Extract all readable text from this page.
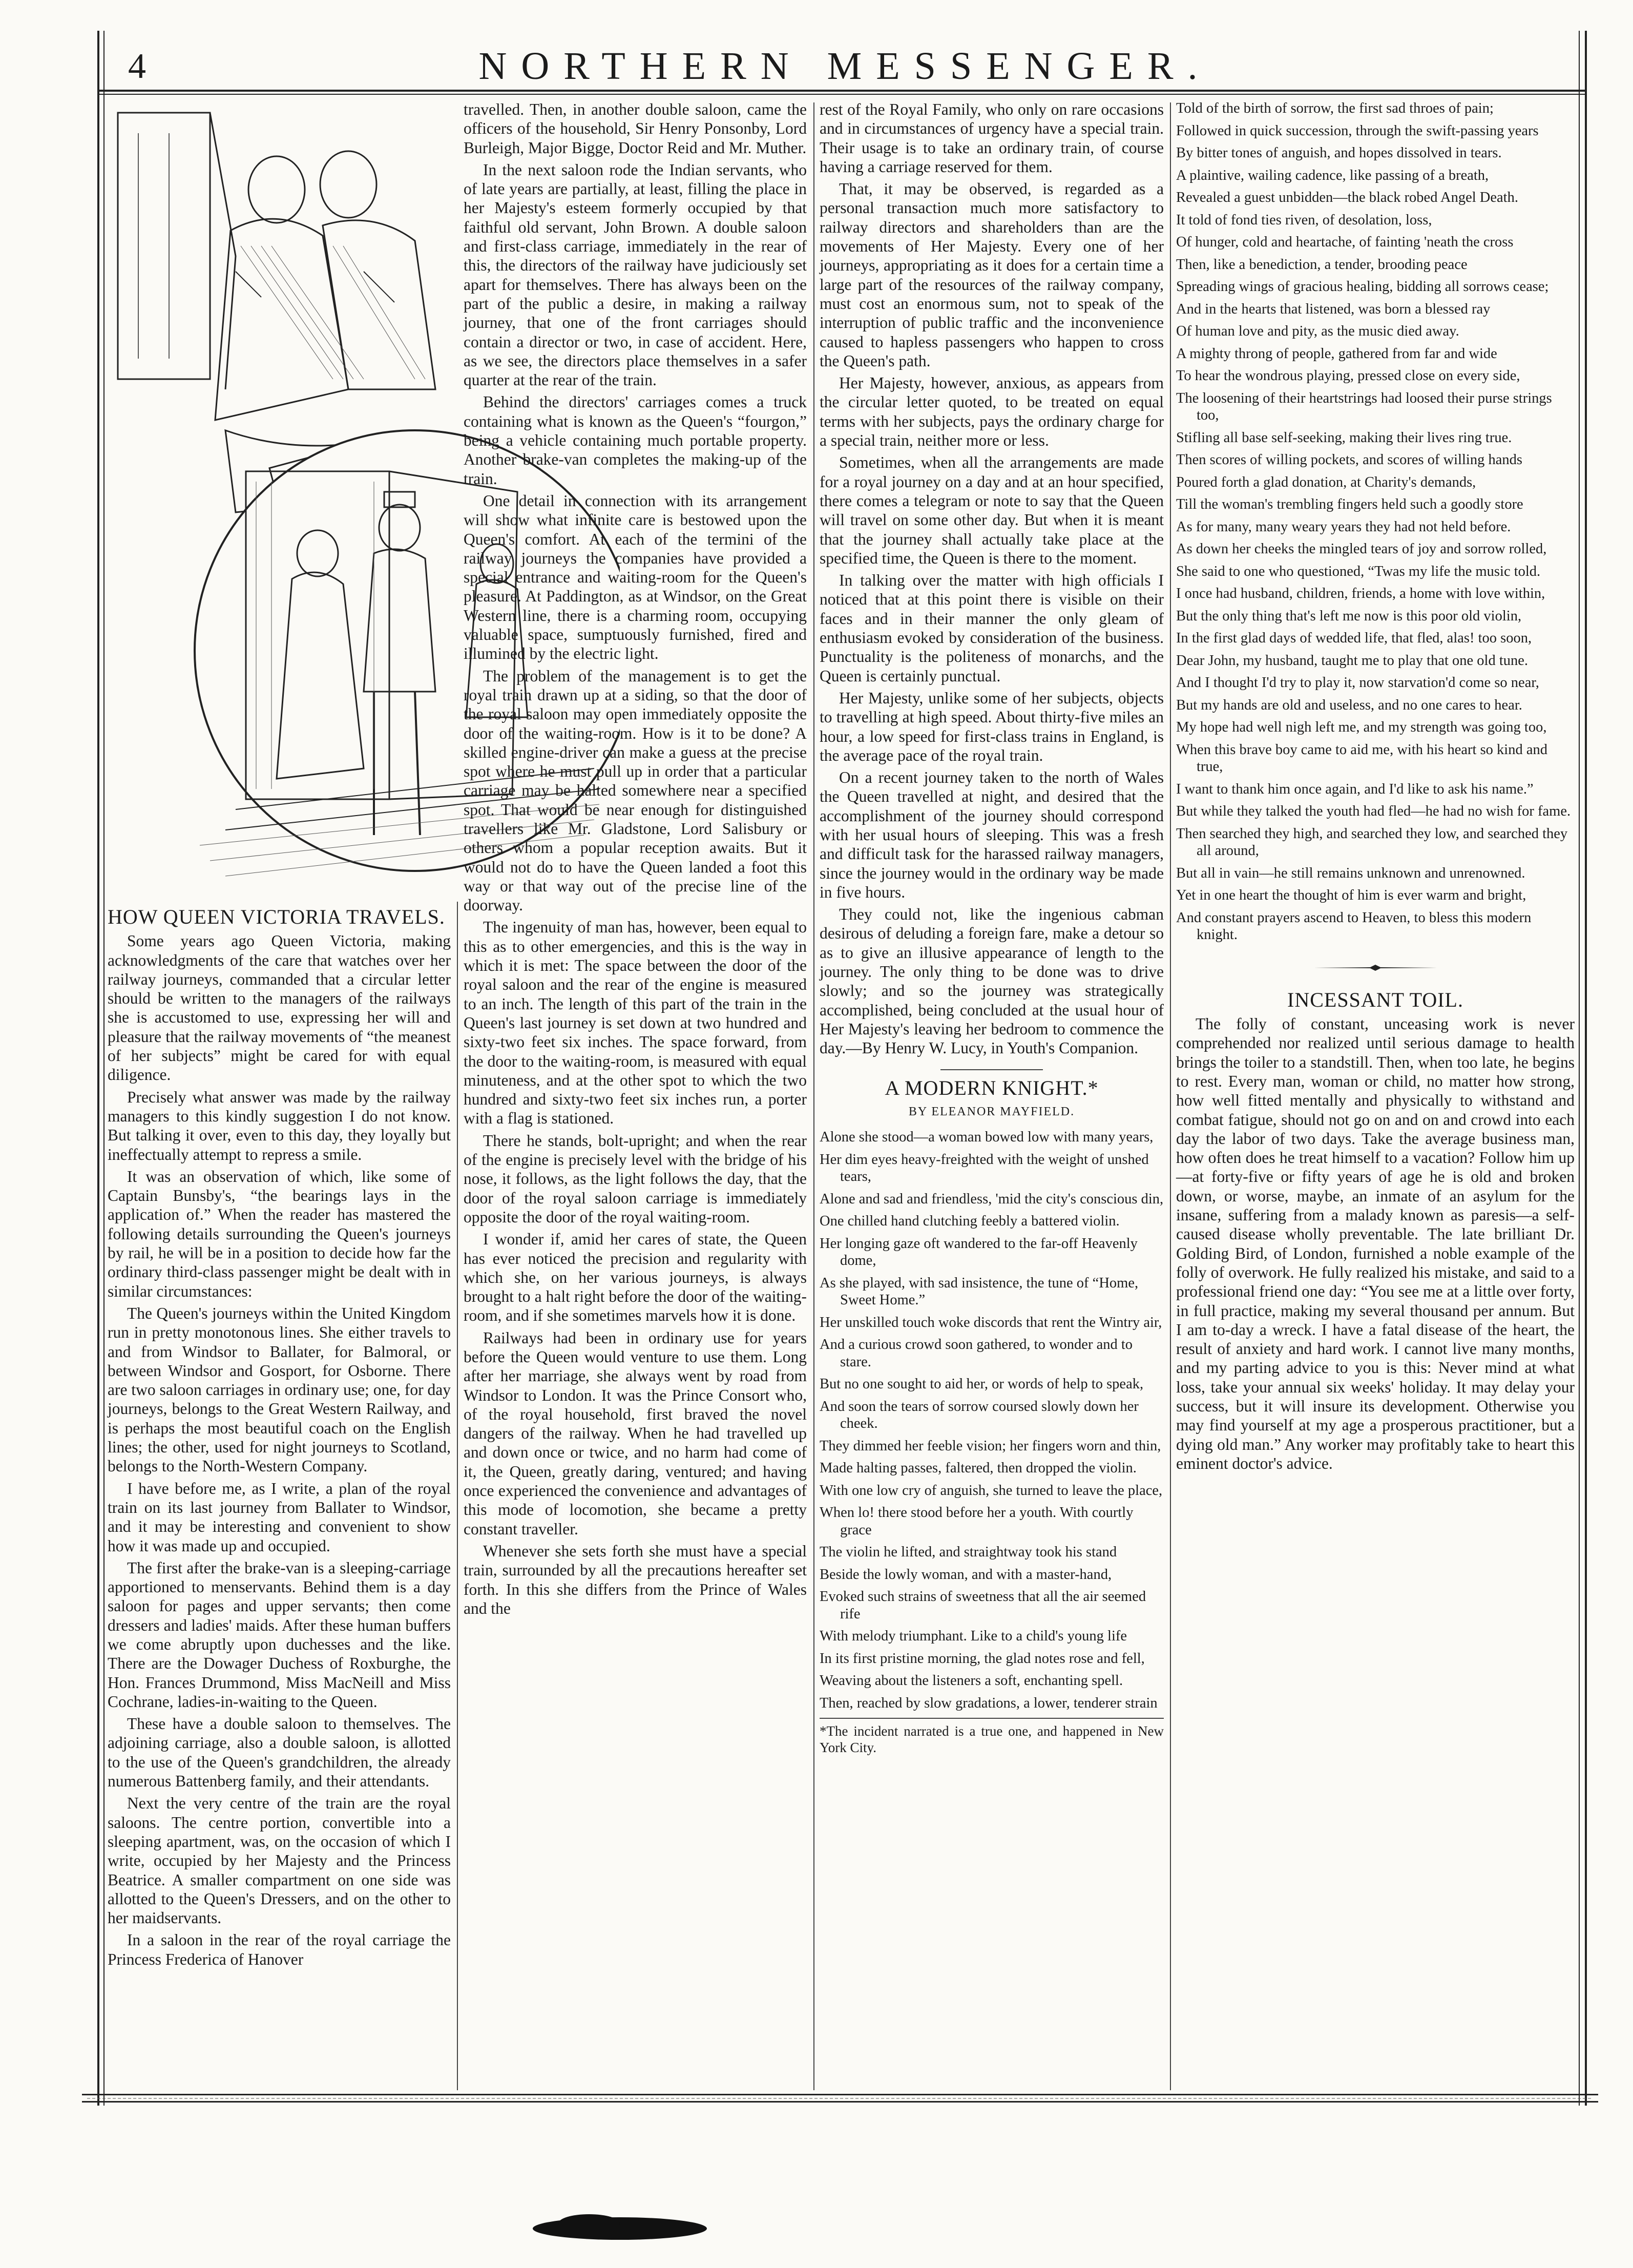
4	NORTHERN MESSENGER.
HOW QUEEN VICTORIA TRAVELS.

Some years ago Queen Victoria, making acknowledgments of the care that watches over her railway journeys, commanded that a circular letter should be written to the managers of the railways she is accustomed to use, expressing her will and pleasure that the railway movements of “the meanest of her subjects” might be cared for with equal diligence.

Precisely what answer was made by the railway managers to this kindly suggestion I do not know. But talking it over, even to this day, they loyally but ineffectually attempt to repress a smile.

It was an observation of which, like some of Captain Bunsby's, “the bearings lays in the application of.” When the reader has mastered the following details surrounding the Queen's journeys by rail, he will be in a position to decide how far the ordinary third-class passenger might be dealt with in similar circumstances:

The Queen's journeys within the United Kingdom run in pretty monotonous lines. She either travels to and from Windsor to Ballater, for Balmoral, or between Windsor and Gosport, for Osborne. There are two saloon carriages in ordinary use; one, for day journeys, belongs to the Great Western Railway, and is perhaps the most beautiful coach on the English lines; the other, used for night journeys to Scotland, belongs to the North-Western Company.

I have before me, as I write, a plan of the royal train on its last journey from Ballater to Windsor, and it may be interesting and convenient to show how it was made up and occupied.

The first after the brake-van is a sleeping-carriage apportioned to menservants. Behind them is a day saloon for pages and upper servants; then come dressers and ladies' maids. After these human buffers we come abruptly upon duchesses and the like. There are the Dowager Duchess of Roxburghe, the Hon. Frances Drummond, Miss MacNeill and Miss Cochrane, ladies-in-waiting to the Queen.

These have a double saloon to themselves. The adjoining carriage, also a double saloon, is allotted to the use of the Queen's grandchildren, the already numerous Battenberg family, and their attendants.

Next the very centre of the train are the royal saloons. The centre portion, convertible into a sleeping apartment, was, on the occasion of which I write, occupied by her Majesty and the Princess Beatrice. A smaller compartment on one side was allotted to the Queen's Dressers, and on the other to her maidservants.

In a saloon in the rear of the royal carriage the Princess Frederica of Hanover

travelled. Then, in another double saloon, came the officers of the household, Sir Henry Ponsonby, Lord Burleigh, Major Bigge, Doctor Reid and Mr. Muther.

In the next saloon rode the Indian servants, who of late years are partially, at least, filling the place in her Majesty's esteem formerly occupied by that faithful old servant, John Brown. A double saloon and first-class carriage, immediately in the rear of this, the directors of the railway have judiciously set apart for themselves. There has always been on the part of the public a desire, in making a railway journey, that one of the front carriages should contain a director or two, in case of accident. Here, as we see, the directors place themselves in a safer quarter at the rear of the train.

Behind the directors' carriages comes a truck containing what is known as the Queen's “fourgon,” being a vehicle containing much portable property. Another brake-van completes the making-up of the train.

One detail in connection with its arrangement will show what infinite care is bestowed upon the Queen's comfort. At each of the termini of the railway journeys the companies have provided a special entrance and waiting-room for the Queen's pleasure. At Paddington, as at Windsor, on the Great Western line, there is a charming room, occupying valuable space, sumptuously furnished, fired and illumined by the electric light.

The problem of the management is to get the royal train drawn up at a siding, so that the door of the royal saloon may open immediately opposite the door of the waiting-room. How is it to be done? A skilled engine-driver can make a guess at the precise spot where he must pull up in order that a particular carriage may be halted somewhere near a specified spot. That would be near enough for distinguished travellers like Mr. Gladstone, Lord Salisbury or others whom a popular reception awaits. But it would not do to have the Queen landed a foot this way or that way out of the precise line of the doorway.

The ingenuity of man has, however, been equal to this as to other emergencies, and this is the way in which it is met: The space between the door of the royal saloon and the rear of the engine is measured to an inch. The length of this part of the train in the Queen's last journey is set down at two hundred and sixty-two feet six inches. The space forward, from the door to the waiting-room, is measured with equal minuteness, and at the other spot to which the two hundred and sixty-two feet six inches run, a porter with a flag is stationed.

There he stands, bolt-upright; and when the rear of the engine is precisely level with the bridge of his nose, it follows, as the light follows the day, that the door of the royal saloon carriage is immediately opposite the door of the royal waiting-room.

I wonder if, amid her cares of state, the Queen has ever noticed the precision and regularity with which she, on her various journeys, is always brought to a halt right before the door of the waiting-room, and if she sometimes marvels how it is done.

Railways had been in ordinary use for years before the Queen would venture to use them. Long after her marriage, she always went by road from Windsor to London. It was the Prince Consort who, of the royal household, first braved the novel dangers of the railway. When he had travelled up and down once or twice, and no harm had come of it, the Queen, greatly daring, ventured; and having once experienced the convenience and advantages of this mode of locomotion, she became a pretty constant traveller.

Whenever she sets forth she must have a special train, surrounded by all the precautions hereafter set forth. In this she differs from the Prince of Wales and the

rest of the Royal Family, who only on rare occasions and in circumstances of urgency have a special train. Their usage is to take an ordinary train, of course having a carriage reserved for them.

That, it may be observed, is regarded as a personal transaction much more satisfactory to railway directors and shareholders than are the movements of Her Majesty. Every one of her journeys, appropriating as it does for a certain time a large part of the resources of the railway company, must cost an enormous sum, not to speak of the interruption of public traffic and the inconvenience caused to hapless passengers who happen to cross the Queen's path.

Her Majesty, however, anxious, as appears from the circular letter quoted, to be treated on equal terms with her subjects, pays the ordinary charge for a special train, neither more or less.

Sometimes, when all the arrangements are made for a royal journey on a day and at an hour specified, there comes a telegram or note to say that the Queen will travel on some other day. But when it is meant that the journey shall actually take place at the specified time, the Queen is there to the moment.

In talking over the matter with high officials I noticed that at this point there is visible on their faces and in their manner the only gleam of enthusiasm evoked by consideration of the business. Punctuality is the politeness of monarchs, and the Queen is certainly punctual.

Her Majesty, unlike some of her subjects, objects to travelling at high speed. About thirty-five miles an hour, a low speed for first-class trains in England, is the average pace of the royal train.

On a recent journey taken to the north of Wales the Queen travelled at night, and desired that the accomplishment of the journey should correspond with her usual hours of sleeping. This was a fresh and difficult task for the harassed railway managers, since the journey would in the ordinary way be made in five hours.

They could not, like the ingenious cabman desirous of deluding a foreign fare, make a detour so as to give an illusive appearance of length to the journey. The only thing to be done was to drive slowly; and so the journey was strategically accomplished, being concluded at the usual hour of Her Majesty's leaving her bedroom to commence the day.—By Henry W. Lucy, in Youth's Companion.

A MODERN KNIGHT.*
BY ELEANOR MAYFIELD.
Alone she stood—a woman bowed low with many years,
Her dim eyes heavy-freighted with the weight of unshed tears,
Alone and sad and friendless, 'mid the city's conscious din,
One chilled hand clutching feebly a battered violin.
Her longing gaze oft wandered to the far-off Heavenly dome,
As she played, with sad insistence, the tune of “Home, Sweet Home.”
Her unskilled touch woke discords that rent the Wintry air,
And a curious crowd soon gathered, to wonder and to stare.
But no one sought to aid her, or words of help to speak,
And soon the tears of sorrow coursed slowly down her cheek.
They dimmed her feeble vision; her fingers worn and thin,
Made halting passes, faltered, then dropped the violin.
With one low cry of anguish, she turned to leave the place,
When lo! there stood before her a youth. With courtly grace
The violin he lifted, and straightway took his stand
Beside the lowly woman, and with a master-hand,
Evoked such strains of sweetness that all the air seemed rife
With melody triumphant. Like to a child's young life
In its first pristine morning, the glad notes rose and fell,
Weaving about the listeners a soft, enchanting spell.
Then, reached by slow gradations, a lower, tenderer strain
*The incident narrated is a true one, and happened in New York City.
Told of the birth of sorrow, the first sad throes of pain;
Followed in quick succession, through the swift-passing years
By bitter tones of anguish, and hopes dissolved in tears.
A plaintive, wailing cadence, like passing of a breath,
Revealed a guest unbidden—the black robed Angel Death.
It told of fond ties riven, of desolation, loss,
Of hunger, cold and heartache, of fainting 'neath the cross
Then, like a benediction, a tender, brooding peace
Spreading wings of gracious healing, bidding all sorrows cease;
And in the hearts that listened, was born a blessed ray
Of human love and pity, as the music died away.
A mighty throng of people, gathered from far and wide
To hear the wondrous playing, pressed close on every side,
The loosening of their heartstrings had loosed their purse strings too,
Stifling all base self-seeking, making their lives ring true.
Then scores of willing pockets, and scores of willing hands
Poured forth a glad donation, at Charity's demands,
Till the woman's trembling fingers held such a goodly store
As for many, many weary years they had not held before.
As down her cheeks the mingled tears of joy and sorrow rolled,
She said to one who questioned, “Twas my life the music told.
I once had husband, children, friends, a home with love within,
But the only thing that's left me now is this poor old violin,
In the first glad days of wedded life, that fled, alas! too soon,
Dear John, my husband, taught me to play that one old tune.
And I thought I'd try to play it, now starvation'd come so near,
But my hands are old and useless, and no one cares to hear.
My hope had well nigh left me, and my strength was going too,
When this brave boy came to aid me, with his heart so kind and true,
I want to thank him once again, and I'd like to ask his name.”
But while they talked the youth had fled—he had no wish for fame.
Then searched they high, and searched they low, and searched they all around,
But all in vain—he still remains unknown and unrenowned.
Yet in one heart the thought of him is ever warm and bright,
And constant prayers ascend to Heaven, to bless this modern knight.
INCESSANT TOIL.

The folly of constant, unceasing work is never comprehended nor realized until serious damage to health brings the toiler to a standstill. Then, when too late, he begins to rest. Every man, woman or child, no matter how strong, how well fitted mentally and physically to withstand and combat fatigue, should not go on and on and crowd into each day the labor of two days. Take the average business man, how often does he treat himself to a vacation? Follow him up—at forty-five or fifty years of age he is old and broken down, or worse, maybe, an inmate of an asylum for the insane, suffering from a malady known as paresis—a self-caused disease wholly preventable. The late brilliant Dr. Golding Bird, of London, furnished a noble example of the folly of overwork. He fully realized his mistake, and said to a professional friend one day: “You see me at a little over forty, in full practice, making my several thousand per annum. But I am to-day a wreck. I have a fatal disease of the heart, the result of anxiety and hard work. I cannot live many months, and my parting advice to you is this: Never mind at what loss, take your annual six weeks' holiday. It may delay your success, but it will insure its development. Otherwise you may find yourself at my age a prosperous practitioner, but a dying old man.” Any worker may profitably take to heart this eminent doctor's advice.
